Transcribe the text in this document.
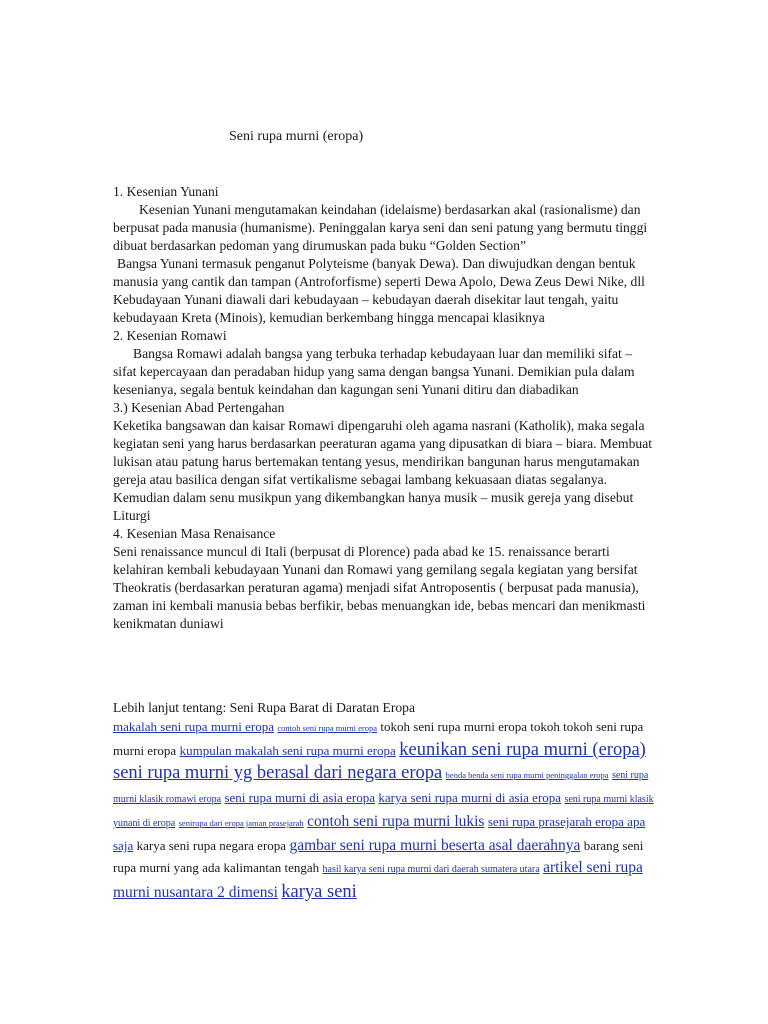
Seni rupa murni (eropa)

1. Kesenian Yunani

Kesenian Yunani mengutamakan keindahan (idelaisme) berdasarkan akal (rasionalisme) dan berpusat pada manusia (humanisme). Peninggalan karya seni dan seni patung yang bermutu tinggi dibuat berdasarkan pedoman yang dirumuskan pada buku “Golden Section”

Bangsa Yunani termasuk penganut Polyteisme (banyak Dewa). Dan diwujudkan dengan bentuk manusia yang cantik dan tampan (Antroforfisme) seperti Dewa Apolo, Dewa Zeus Dewi Nike, dll

Kebudayaan Yunani diawali dari kebudayaan – kebudayan daerah disekitar laut tengah, yaitu kebudayaan Kreta (Minois), kemudian berkembang hingga mencapai klasiknya

2. Kesenian Romawi

Bangsa Romawi adalah bangsa yang terbuka terhadap kebudayaan luar dan memiliki sifat – sifat kepercayaan dan peradaban hidup yang sama dengan bangsa Yunani. Demikian pula dalam kesenianya, segala bentuk keindahan dan kagungan seni Yunani ditiru dan diabadikan

3.) Kesenian Abad Pertengahan

Keketika bangsawan dan kaisar Romawi dipengaruhi oleh agama nasrani (Katholik), maka segala kegiatan seni yang harus berdasarkan peeraturan agama yang dipusatkan di biara – biara. Membuat lukisan atau patung harus bertemakan tentang yesus, mendirikan bangunan harus mengutamakan gereja atau basilica dengan sifat vertikalisme sebagai lambang kekuasaan diatas segalanya. Kemudian dalam senu musikpun yang dikembangkan hanya musik – musik gereja yang disebut Liturgi

4. Kesenian Masa Renaisance

Seni renaissance muncul di Itali (berpusat di Plorence) pada abad ke 15. renaissance berarti kelahiran kembali kebudayaan Yunani dan Romawi yang gemilang segala kegiatan yang bersifat Theokratis (berdasarkan peraturan agama) menjadi sifat Antroposentis ( berpusat pada manusia), zaman ini kembali manusia bebas berfikir, bebas menuangkan ide, bebas mencari dan menikmasti kenikmatan duniawi

Lebih lanjut tentang: Seni Rupa Barat di Daratan Eropa
makalah seni rupa murni eropa contoh seni rupa murni eropa tokoh seni rupa murni eropa tokoh tokoh seni rupa murni eropa kumpulan makalah seni rupa murni eropa keunikan seni rupa murni (eropa) seni rupa murni yg berasal dari negara eropa benda benda seni rupa murni peninggalan eropa seni rupa murni klasik romawi eropa seni rupa murni di asia eropa karya seni rupa murni di asia eropa seni rupa murni klasik yunani di eropa senirupa dari eropa jaman prasejarah contoh seni rupa murni lukis seni rupa prasejarah eropa apa saja karya seni rupa negara eropa gambar seni rupa murni beserta asal daerahnya barang seni rupa murni yang ada kalimantan tengah hasil karya seni rupa murni dari daerah sumatera utara artikel seni rupa murni nusantara 2 dimensi karya seni
